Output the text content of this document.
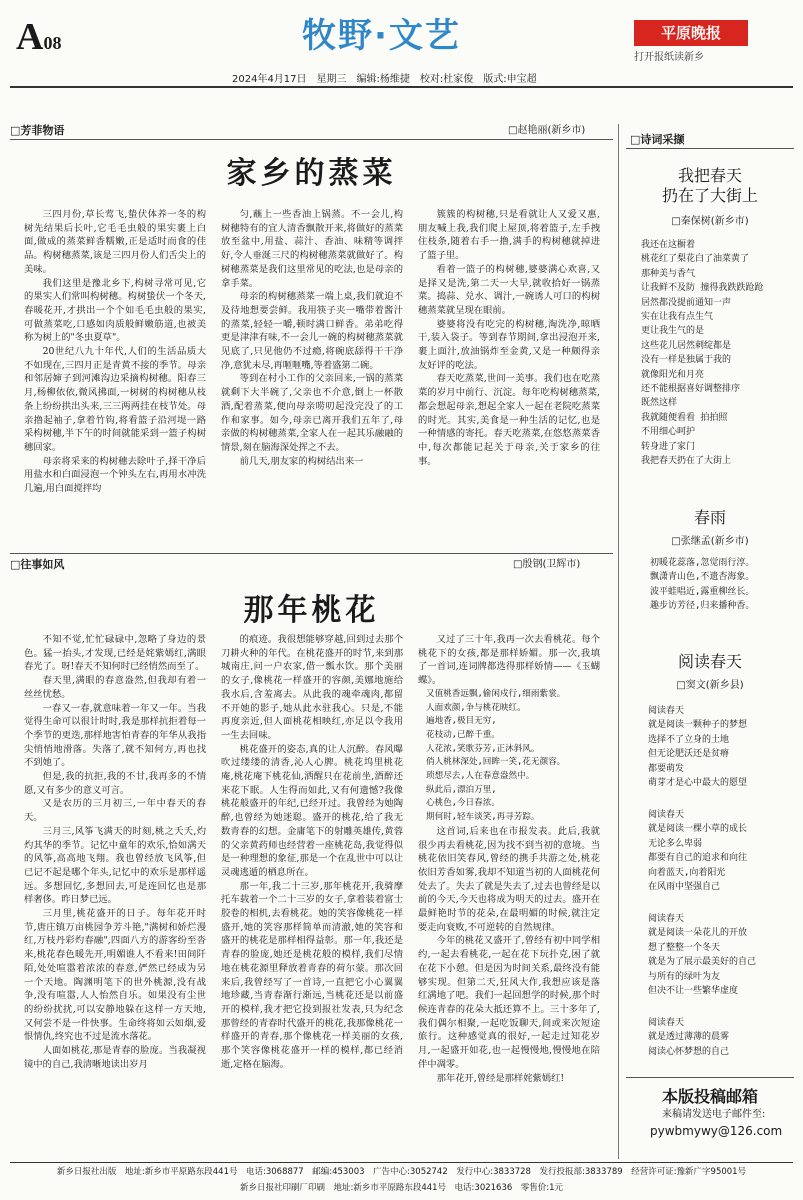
A08	牧野·文艺	平原晚报
打开报纸读新乡
2024年4月17日　星期三　编辑:杨维捷　校对:杜家俊　版式:申宝超
□芳菲物语	□赵艳丽(新乡市)
家乡的蒸菜

三四月份,草长莺飞,蛰伏体养一冬的构树先结果后长叶,它毛毛虫般的果实裹上白面,做成的蒸菜鲜香糯嫩,正是适时而食的佳品。构树穗蒸菜,该是三四月份人们舌尖上的美味。

我们这里是豫北乡下,构树寻常可见,它的果实人们常叫构树穗。构树蛰伏一个冬天,春暖花开,才拱出一个个如毛毛虫般的果实,可做蒸菜吃,口感如肉质般鲜嫩筋道,也被美称为树上的"冬虫夏草"。

20世纪八九十年代,人们的生活品质大不如现在,三四月正是青黄不接的季节。母亲和邻居婶子到河滩沟边采摘构树穗。阳春三月,杨柳依依,微风拂面,一树树的构树穗从枝条上纷纷拱出头来,三三两两挂在枝节处。母亲撸起袖子,拿着竹钩,将看篮子沿河堤一路采构树穗,半下午的时间就能采到一篮子构树穗回家。

母亲将采来的构树穗去除叶子,择干净后用盐水和白面浸泡一个钟头左右,再用水冲洗几遍,用白面搅拌均

匀,蘸上一些香油上锅蒸。不一会儿,构树穗特有的宜人清香飘散开来,将做好的蒸菜放至盆中,用盐、蒜汁、香油、味精等调拌好,令人垂涎三尺的构树穗蒸菜就做好了。构树穗蒸菜是我们这里常见的吃法,也是母亲的拿手菜。

母亲的构树穗蒸菜一端上桌,我们就迫不及待地想要尝鲜。我用筷子夹一嘴带着酱汁的蒸菜,轻轻一嚼,顿时满口鲜香。弟弟吃得更是津津有味,不一会儿一碗的构树穗蒸菜就见底了,只见他仍不过瘾,将碗底舔得干干净净,意犹未尽,再咂咂嘴,等着盛第二碗。

等到在村小工作的父亲回来,一锅的蒸菜就剩下大半碗了,父亲也不介意,倒上一杯散酒,配着蒸菜,便向母亲唠叨起没完没了的工作和家事。如今,母亲已离开我们五年了,母亲做的构树穗蒸菜,全家人在一起其乐融融的情景,刻在脑海深处挥之不去。

前几天,朋友家的构树结出来一

簇簇的构树穗,只是看就让人又爱又惠,朋友喊上我,我们爬上屋顶,将着篮子,左手拽住枝条,随着右手一撸,满手的构树穗就掉进了篮子里。

看着一篮子的构树穗,婆婆满心欢喜,又是择又是洗,第二天一大早,就收拾好一锅蒸菜。捣蒜、兑水、调汁,一碗诱人可口的构树穗蒸菜就呈现在眼前。

婆婆将没有吃完的构树穗,淘洗净,晾晒干,装入袋子。等到春节期间,拿出浸泡开来,裹上面汁,放油锅炸至金黄,又是一种颇得亲友好评的吃法。

春天吃蒸菜,世间一美事。我们也在吃蒸菜的岁月中前行、沉淀。每年吃构树穗蒸菜,都会想起母亲,想起全家人一起在老院吃蒸菜的时光。其实,美食是一种生活的记忆,也是一种情感的寄托。春天吃蒸菜,在悠悠蒸菜香中,每次都能记起关于母亲,关于家乡的往事。

□往事如风	□殷钢(卫辉市)
那年桃花

不知不觉,忙忙碌碌中,忽略了身边的景色。猛一抬头,才发现,已经是姹紫嫣红,满眼春光了。呀!春天不知何时已经悄然而至了。

春天里,满眼的春意盎然,但我却有着一丝丝忧愁。

一春又一春,就意味着一年又一年。当我觉得生命可以很计时时,我是那样抗拒着每一个季节的更迭,那样地害怕青春的年华从我指尖悄悄地滑落。失落了,就不知何方,再也找不到她了。

但是,我的抗拒,我的不甘,我再多的不情愿,又有多少的意义可言。

又是农历的三月初三,一年中春天的春天。

三月三,风筝飞满天的时刻,桃之夭夭,灼灼其华的季节。记忆中童年的欢乐,恰如满天的风筝,高高地飞翔。我也曾经放飞风筝,但已记不起是哪个年头,记忆中的欢乐是那样遥远。多想回忆,多想回去,可是连回忆也是那样奢侈。昨日梦已远。

三月里,桃花盛开的日子。每年花开时节,唐庄镇万亩桃园争芳斗艳,"满树和娇烂漫红,万枝丹彩灼春融",四面八方的游客纷至沓来,桃花春色暖先开,明媚谁人不看来!田间阡陌,处处喧嚣着浓浓的春意,俨然已经成为另一个天地。陶渊明笔下的世外桃源,没有战争,没有喧嚣,人人怡然自乐。如果没有尘世的纷纷扰扰,可以安静地躲在这样一方天地,又何尝不是一件快事。生命终将如云如烟,爱恨情仇,终究也不过是流水落花。

人面如桃花,那是青春的脸庞。当我凝视镜中的自己,我清晰地读出岁月

的痕迹。我很想能够穿越,回到过去那个刀耕火种的年代。在桃花盛开的时节,来到那城南庄,问一户农家,借一瓢水饮。那个美丽的女子,像桃花一样盛开的容颜,美娜地施给我水后,含羞离去。从此我的魂牵魂肉,都留不开她的影子,她从此水驻我心。只是,不能再度亲近,但人面桃花相映红,亦足以令我用一生去回味。

桃花盛开的姿态,真的让人沉醉。春风曝吹过缕缕的清香,沁人心脾。桃花坞里桃花庵,桃花庵下桃花仙,洒醒只在花前坐,酒醉还来花下眠。人生得而如此,又有何遗憾?我像桃花般盛开的年纪,已经开过。我曾经为她陶醉,也曾经为她迷聪。盛开的桃花,给了我无数青春的幻想。金庸笔下的射雕英雄传,黄蓉的父亲黄药师也经营着一座桃花岛,我觉得似是一种理想的象征,那是一个在乱世中可以让灵魂逃遁的栖息所在。

那一年,我二十三岁,那年桃花开,我骑摩托车载着一个二十三岁的女子,拿着装着富士胶卷的相机,去看桃花。她的笑容像桃花一样盛开,她的笑容那样简单而清澈,她的笑容和盛开的桃花是那样相得益彰。那一年,我还是青春的脸庞,她还是桃花般的模样,我们尽情地在桃花源里释放着青春的荷尔蒙。那次回来后,我曾经写了一首诗,一直把它小心翼翼地珍藏,当青春渐行渐远,当桃花还是以前盛开的模样,我才把它投到报社发表,只为纪念那曾经的青春时代盛开的桃花,我那像桃花一样盛开的青春,那个像桃花一样美丽的女孩,那个笑容像桃花盛开一样的模样,都已经消逝,定格在脑海。

又过了三十年,我再一次去看桃花。每个桃花下的女孩,都是那样娇媚。那一次,我填了一首词,连词牌都选得那样娇情——《玉蝴蝶》。

又值桃香远飘,偷闲戍行,细雨紫裳。
人面欢颜,争与桃花映红。
遍地香,极目无穷,
花枝动,已醉千重。
人花浓,笑歌芬芳,正沐斜风。
俏人桃林深处,回眸一笑,花无颜容。
琐想尽去,人在春意盎然中。
纵此后,漂泊万里,
心桃色,今日春浓。
期何时,轻车谈笑,再寻芳踪。

这首词,后来也在市报发表。此后,我就很少再去看桃花,因为找不到当初的意境。当桃花依旧笑春风,曾经的携手共游之处,桃花依旧芳香如雾,我却不知道当初的人面桃花何处去了。失去了就是失去了,过去也曾经是以前的今天,今天也将成为明天的过去。盛开在最鲜艳时节的花朵,在最明媚的时候,就注定要走向衰败,不可逆转的自然规律。

今年的桃花又盛开了,曾经有初中同学相约,一起去看桃花,一起在花下玩扑克,困了就在花下小憩。但是因为时间关系,最终没有能够实现。但第二天,狂风大作,我想应该是落红满地了吧。我们一起回想学的时候,那个时候连青春的花朵大抵还算不上。三十多年了,我们偶尔相聚,一起吃饭聊天,间或来次短途旅行。这种感觉真的很好,一起走过知花岁月,一起盛开如花,也一起慢慢地,慢慢地在陪伴中凋零。

那年花开,曾经是那样姹紫嫣红!

□诗词采撷
我把春天
扔在了大街上
□秦保树(新乡市)
我还在这橱着
桃花红了梨花白了油菜黄了
那种美与香气
让我鲜不及防 撞得我跌跌跄跄
居然都没提前通知一声
实在让我有点生气
更让我生气的是
这些花儿居然刺绽都是
没有一样是独属于我的
就像阳光和月亮
还不能根据喜好调整排序
既然这样
我就随便看看 拍拍照
不用细心呵护
转身进了家门
我把春天扔在了大街上
春雨
□张继孟(新乡市)
初暖花蕊落,忽觉雨行淳。
飘潇青山色,不遗杏海象。
波平蛙唱近,露重柳丝长。
趣步访芳径,归来播种香。
阅读春天
□窦文(新乡县)
阅读春天
就是阅读一颗种子的梦想
选择不了立身的土地
但无论肥沃还是贫瘠
都要萌发
萌芽才是心中最大的愿望
阅读春天
就是阅读一棵小草的成长
无论多么卑弱
都要有自己的追求和向往
向着蓝天,向着阳光
在风雨中坚强自己
阅读春天
就是阅读一朵花儿的开放
想了整整一个冬天
就是为了展示最美好的自己
与所有的绿叶为友
但决不让一些繁华虚度
阅读春天
就是透过薄薄的晨雾
阅读心怀梦想的自己
本版投稿邮箱
来稿请发送电子邮件至:
pywbmywy@126.com
新乡日报社出版　地址:新乡市平原路东段441号　电话:3068877　邮编:453003　广告中心:3052742　发行中心:3833728　发行投报部:3833789　经营许可证:豫新广字95001号
新乡日报社印刷厂印刷　地址:新乡市平原路东段441号　电话:3021636　零售价:1元
